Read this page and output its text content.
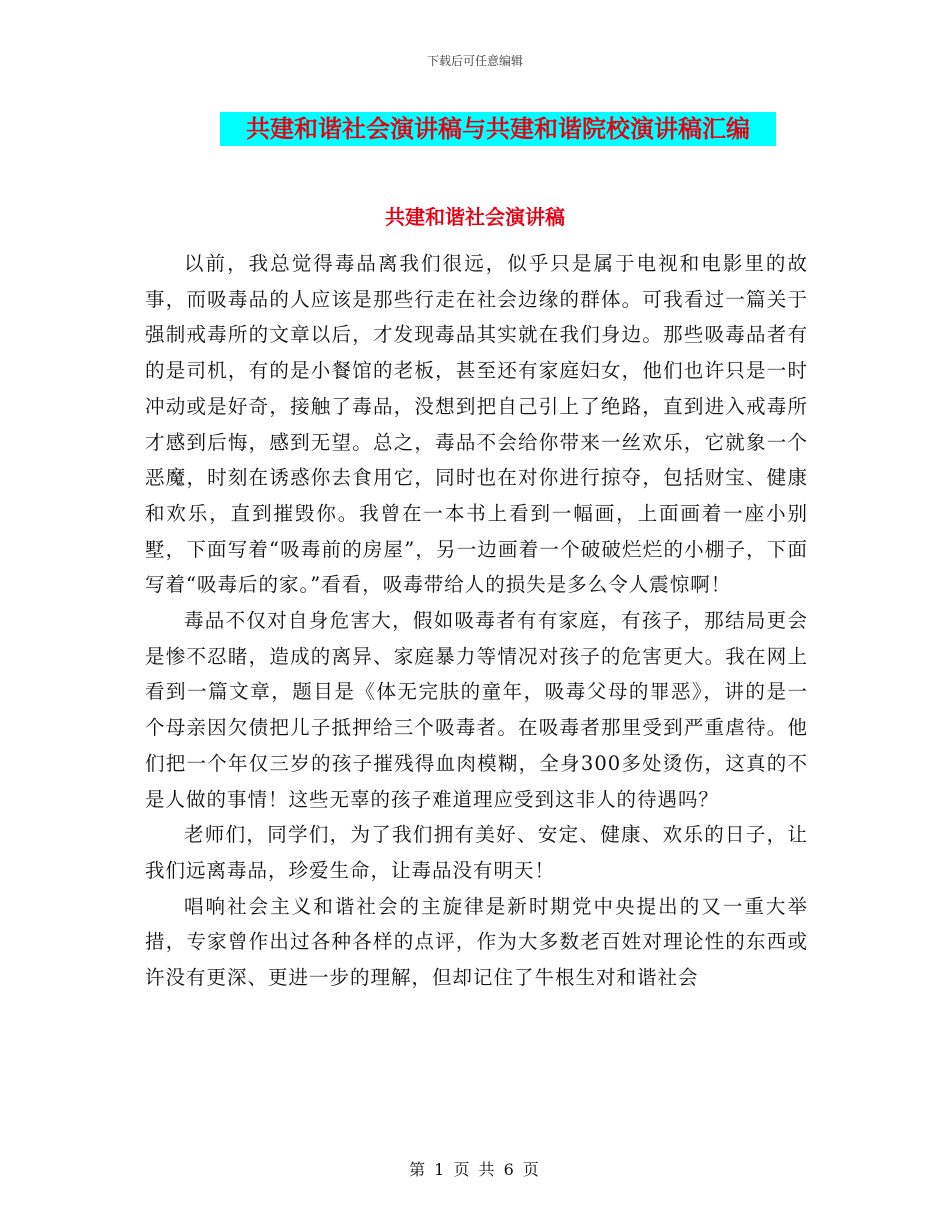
下载后可任意编辑
共建和谐社会演讲稿与共建和谐院校演讲稿汇编
共建和谐社会演讲稿

以前，我总觉得毒品离我们很远，似乎只是属于电视和电影里的故事，而吸毒品的人应该是那些行走在社会边缘的群体。可我看过一篇关于强制戒毒所的文章以后，才发现毒品其实就在我们身边。那些吸毒品者有的是司机，有的是小餐馆的老板，甚至还有家庭妇女，他们也许只是一时冲动或是好奇，接触了毒品，没想到把自己引上了绝路，直到进入戒毒所才感到后悔，感到无望。总之，毒品不会给你带来一丝欢乐，它就象一个恶魔，时刻在诱惑你去食用它，同时也在对你进行掠夺，包括财宝、健康和欢乐，直到摧毁你。我曾在一本书上看到一幅画，上面画着一座小别墅，下面写着“吸毒前的房屋”，另一边画着一个破破烂烂的小棚子，下面写着“吸毒后的家。”看看，吸毒带给人的损失是多么令人震惊啊！

毒品不仅对自身危害大，假如吸毒者有有家庭，有孩子，那结局更会是惨不忍睹，造成的离异、家庭暴力等情况对孩子的危害更大。我在网上看到一篇文章，题目是《体无完肤的童年，吸毒父母的罪恶》，讲的是一个母亲因欠债把儿子抵押给三个吸毒者。在吸毒者那里受到严重虐待。他们把一个年仅三岁的孩子摧残得血肉模糊，全身300多处烫伤，这真的不是人做的事情！这些无辜的孩子难道理应受到这非人的待遇吗？

老师们，同学们，为了我们拥有美好、安定、健康、欢乐的日子，让我们远离毒品，珍爱生命，让毒品没有明天！

唱响社会主义和谐社会的主旋律是新时期党中央提出的又一重大举措，专家曾作出过各种各样的点评，作为大多数老百姓对理论性的东西或许没有更深、更进一步的理解，但却记住了牛根生对和谐社会

第 1 页 共 6 页
